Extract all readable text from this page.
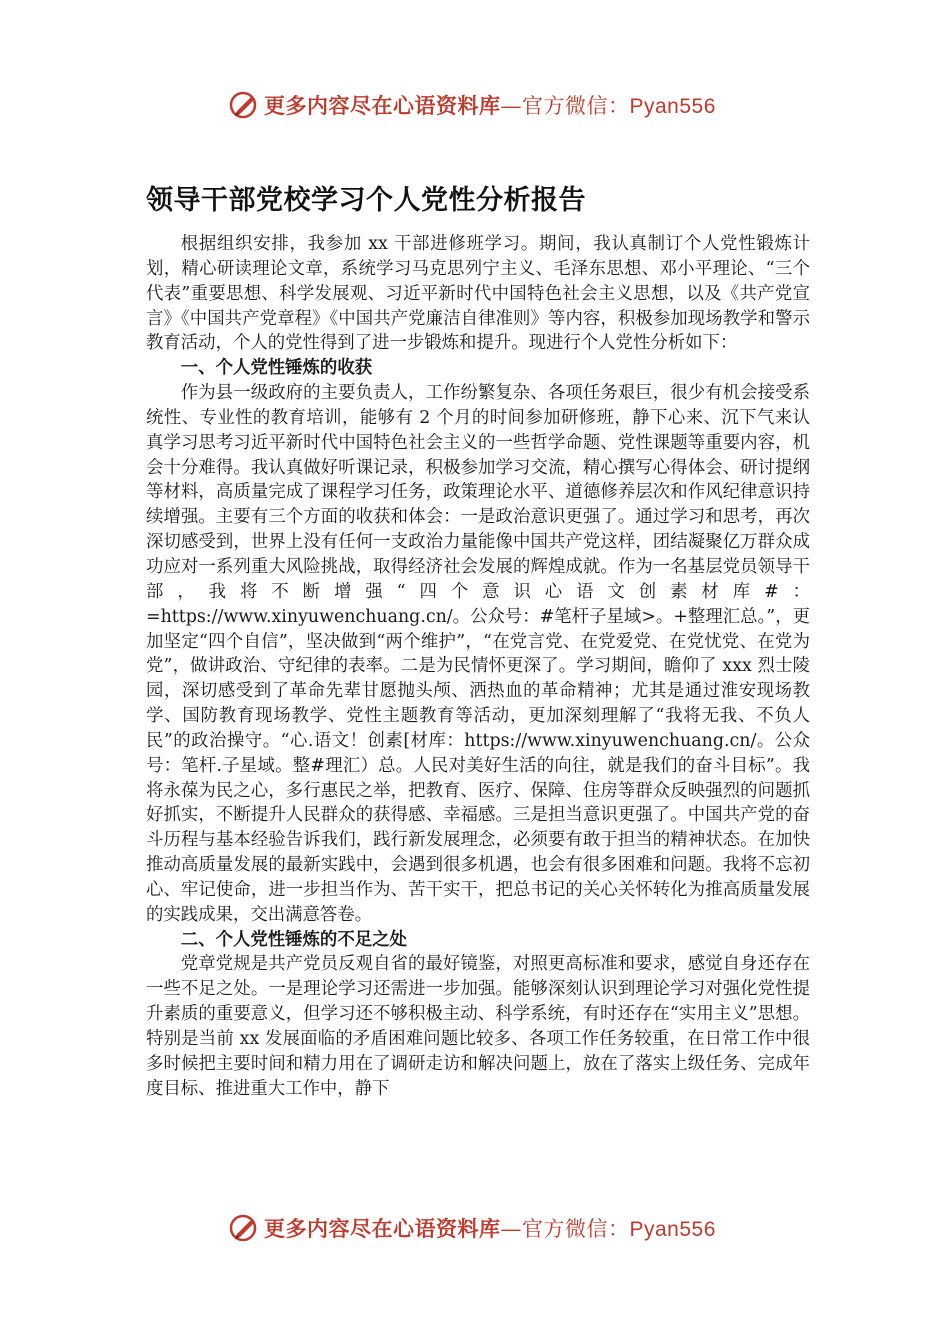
更多内容尽在心语资料库—官方微信：Pyan556
领导干部党校学习个人党性分析报告

根据组织安排，我参加 xx 干部进修班学习。期间，我认真制订个人党性锻炼计划，精心研读理论文章，系统学习马克思列宁主义、毛泽东思想、邓小平理论、“三个代表”重要思想、科学发展观、习近平新时代中国特色社会主义思想，以及《共产党宣言》《中国共产党章程》《中国共产党廉洁自律准则》等内容，积极参加现场教学和警示教育活动，个人的党性得到了进一步锻炼和提升。现进行个人党性分析如下：

一、个人党性锤炼的收获

作为县一级政府的主要负责人，工作纷繁复杂、各项任务艰巨，很少有机会接受系统性、专业性的教育培训，能够有 2 个月的时间参加研修班，静下心来、沉下气来认真学习思考习近平新时代中国特色社会主义的一些哲学命题、党性课题等重要内容，机会十分难得。我认真做好听课记录，积极参加学习交流，精心撰写心得体会、研讨提纲等材料，高质量完成了课程学习任务，政策理论水平、道德修养层次和作风纪律意识持续增强。主要有三个方面的收获和体会：一是政治意识更强了。通过学习和思考，再次深切感受到，世界上没有任何一支政治力量能像中国共产党这样，团结凝聚亿万群众成功应对一系列重大风险挑战，取得经济社会发展的辉煌成就。作为一名基层党员领导干部，我将不断增强“四个意识心语文创素材库#：=https://www.xinyuwenchuang.cn/。公众号：#笔杆子星域>。+整理汇总。”，更加坚定“四个自信”，坚决做到“两个维护”，“在党言党、在党爱党、在党忧党、在党为党”，做讲政治、守纪律的表率。二是为民情怀更深了。学习期间，瞻仰了 xxx 烈士陵园，深切感受到了革命先辈甘愿抛头颅、洒热血的革命精神；尤其是通过淮安现场教学、国防教育现场教学、党性主题教育等活动，更加深刻理解了“我将无我、不负人民”的政治操守。“心.语文！创素[材库：https://www.xinyuwenchuang.cn/。公众号：笔杆.子星域。整#理汇）总。人民对美好生活的向往，就是我们的奋斗目标”。我将永葆为民之心，多行惠民之举，把教育、医疗、保障、住房等群众反映强烈的问题抓好抓实，不断提升人民群众的获得感、幸福感。三是担当意识更强了。中国共产党的奋斗历程与基本经验告诉我们，践行新发展理念，必须要有敢于担当的精神状态。在加快推动高质量发展的最新实践中，会遇到很多机遇，也会有很多困难和问题。我将不忘初心、牢记使命，进一步担当作为、苦干实干，把总书记的关心关怀转化为推高质量发展的实践成果，交出满意答卷。

二、个人党性锤炼的不足之处

党章党规是共产党员反观自省的最好镜鉴，对照更高标准和要求，感觉自身还存在一些不足之处。一是理论学习还需进一步加强。能够深刻认识到理论学习对强化党性提升素质的重要意义，但学习还不够积极主动、科学系统，有时还存在“实用主义”思想。特别是当前 xx 发展面临的矛盾困难问题比较多、各项工作任务较重，在日常工作中很多时候把主要时间和精力用在了调研走访和解决问题上，放在了落实上级任务、完成年度目标、推进重大工作中，静下

更多内容尽在心语资料库—官方微信：Pyan556
